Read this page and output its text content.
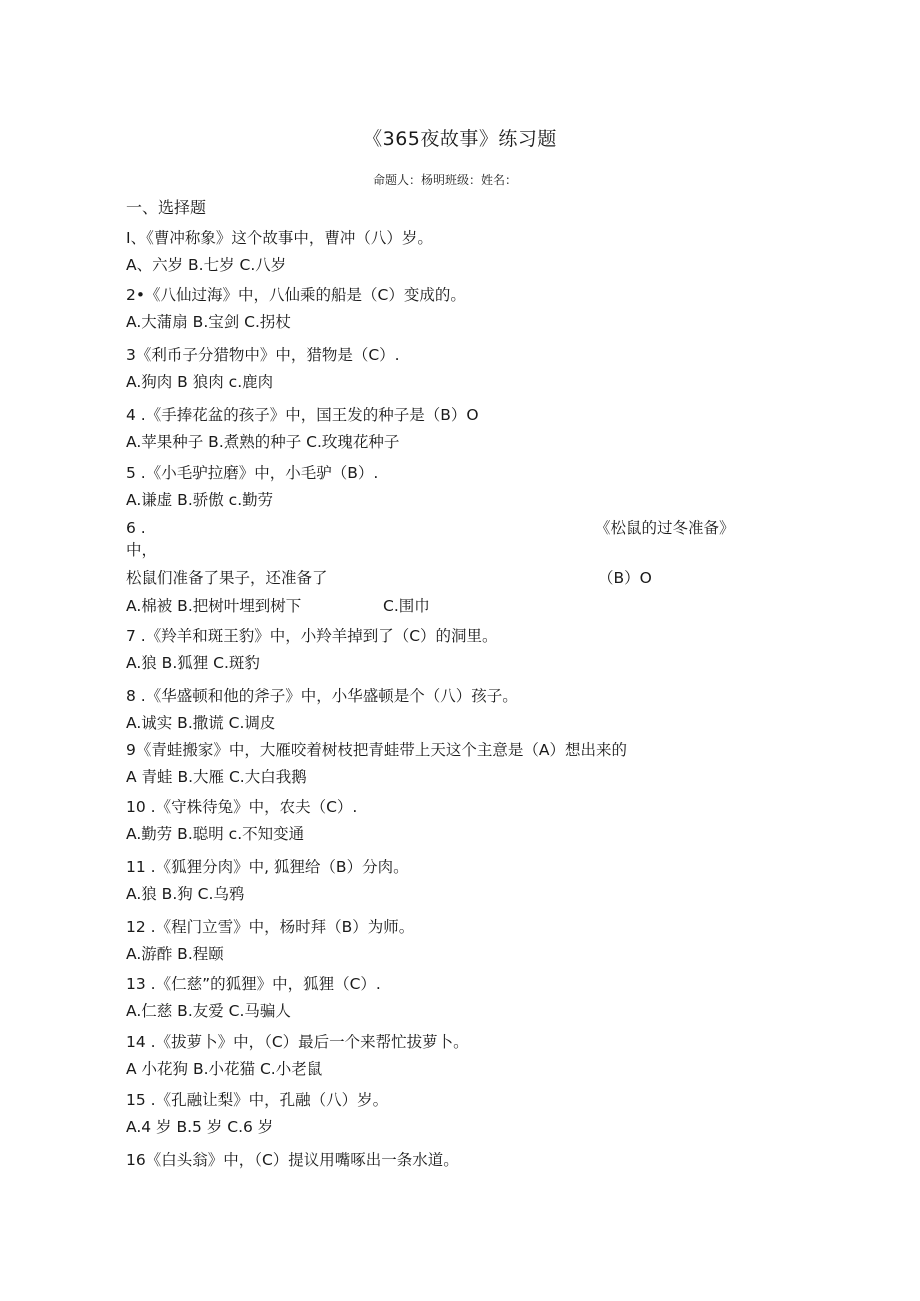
《365夜故事》练习题
命题人：杨明班级：姓名：
一、选择题
I、《曹冲称象》这个故事中，曹冲（八）岁。
A、六岁 B.七岁 C.八岁
2•《八仙过海》中，八仙乘的船是（C）变成的。
A.大蒲扇 B.宝剑 C.拐杖
3《利币子分猎物中》中，猎物是（C）.
A.狗肉 B 狼肉 c.鹿肉
4 .《手捧花盆的孩子》中，国王发的种子是（B）O
A.苹果种子 B.煮熟的种子 C.玫瑰花种子
5 .《小毛驴拉磨》中，小毛驴（B）.
A.谦虚 B.骄傲 c.勤劳
6 .	《松鼠的过冬准备》
中，
松鼠们准备了果子，还准备了	（B）O
A.棉被 B.把树叶埋到树下	C.围巾
7 .《羚羊和斑王豹》中，小羚羊掉到了（C）的洞里。
A.狼 B.狐狸 C.斑豹
8 .《华盛顿和他的斧子》中，小华盛顿是个（八）孩子。
A.诚实 B.撒谎 C.调皮
9《青蛙搬家》中，大雁咬着树枝把青蛙带上天这个主意是（A）想出来的
A 青蛙 B.大雁 C.大白我鹅
10 .《守株待兔》中，农夫（C）.
A.勤劳 B.聪明 c.不知变通
11 .《狐狸分肉》中, 狐狸给（B）分肉。
A.狼 B.狗 C.乌鸦
12 .《程门立雪》中，杨时拜（B）为师。
A.游酢 B.程颐
13 .《仁慈”的狐狸》中，狐狸（C）.
A.仁慈 B.友爱 C.马骗人
14 .《拔萝卜》中，（C）最后一个来帮忙拔萝卜。
A 小花狗 B.小花猫 C.小老鼠
15 .《孔融让梨》中，孔融（八）岁。
A.4 岁 B.5 岁 C.6 岁
16《白头翁》中，（C）提议用嘴啄出一条水道。
